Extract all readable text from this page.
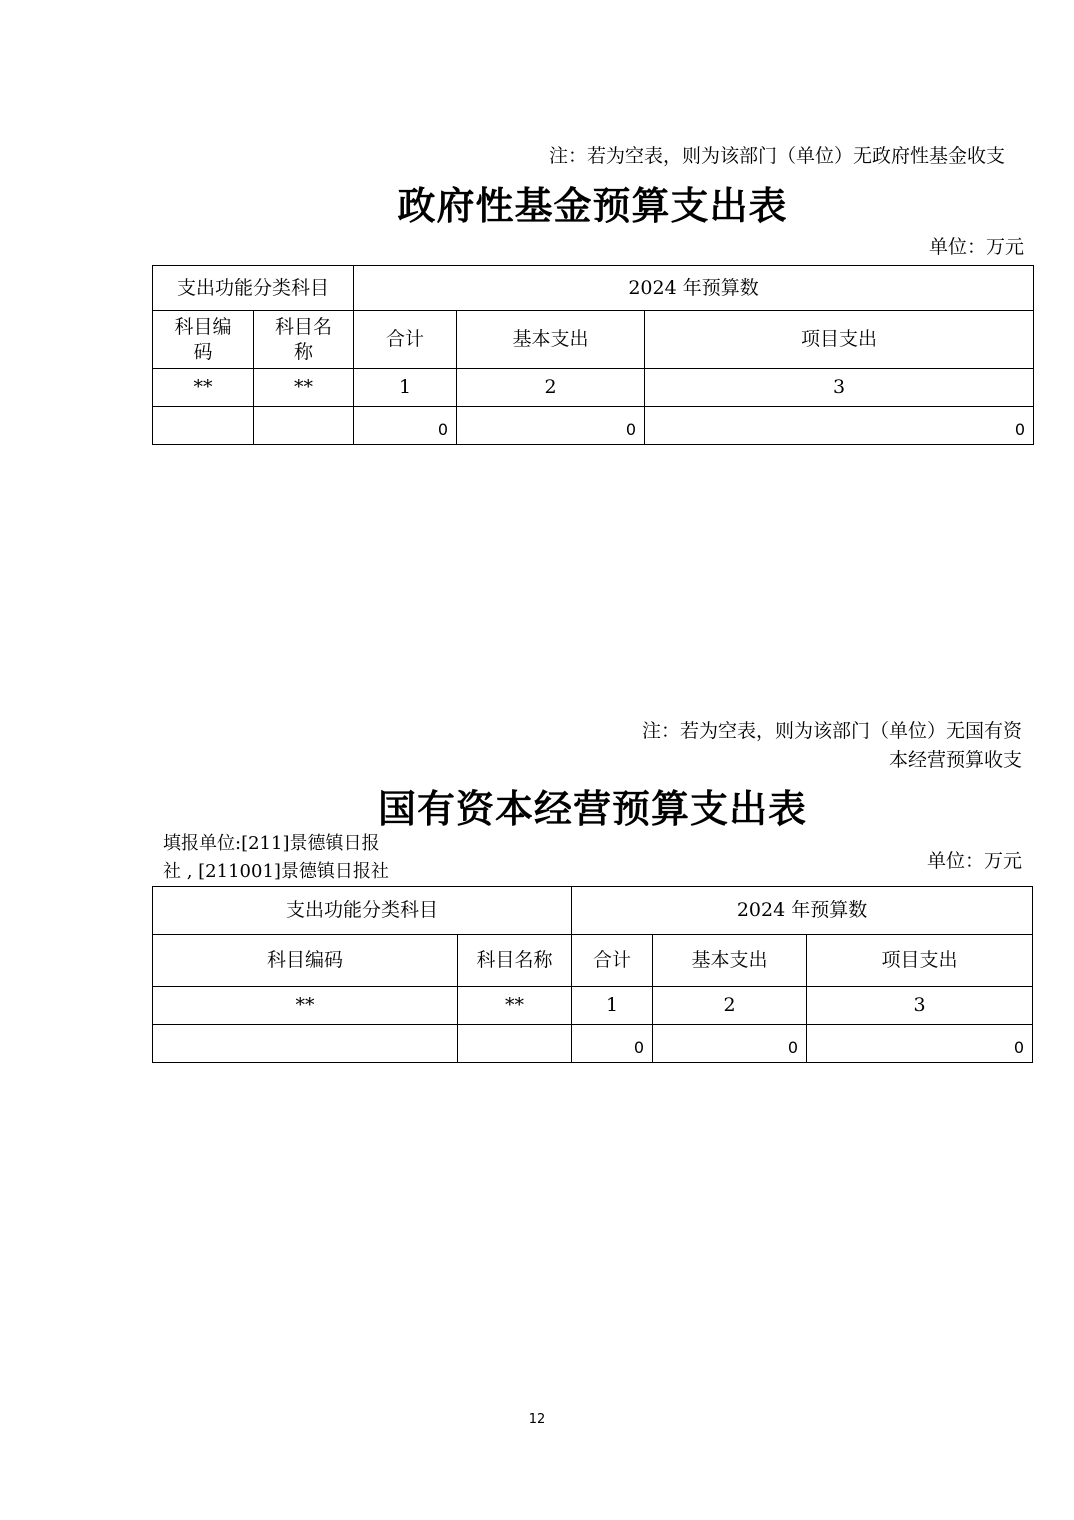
注：若为空表，则为该部门（单位）无政府性基金收支
政府性基金预算支出表
单位：万元
支出功能分类科目		2024 年预算数		

科目编码	科目名称	合计	基本支出	项目支出
**	**	1	2	3
		0	0	0
注：若为空表，则为该部门（单位）无国有资
本经营预算收支
国有资本经营预算支出表
填报单位:[211]景德镇日报
社 , [211001]景德镇日报社	单位：万元
支出功能分类科目		2024 年预算数		
科目编码	科目名称	合计	基本支出	项目支出
**	**	1	2	3
		0	0	0
12
